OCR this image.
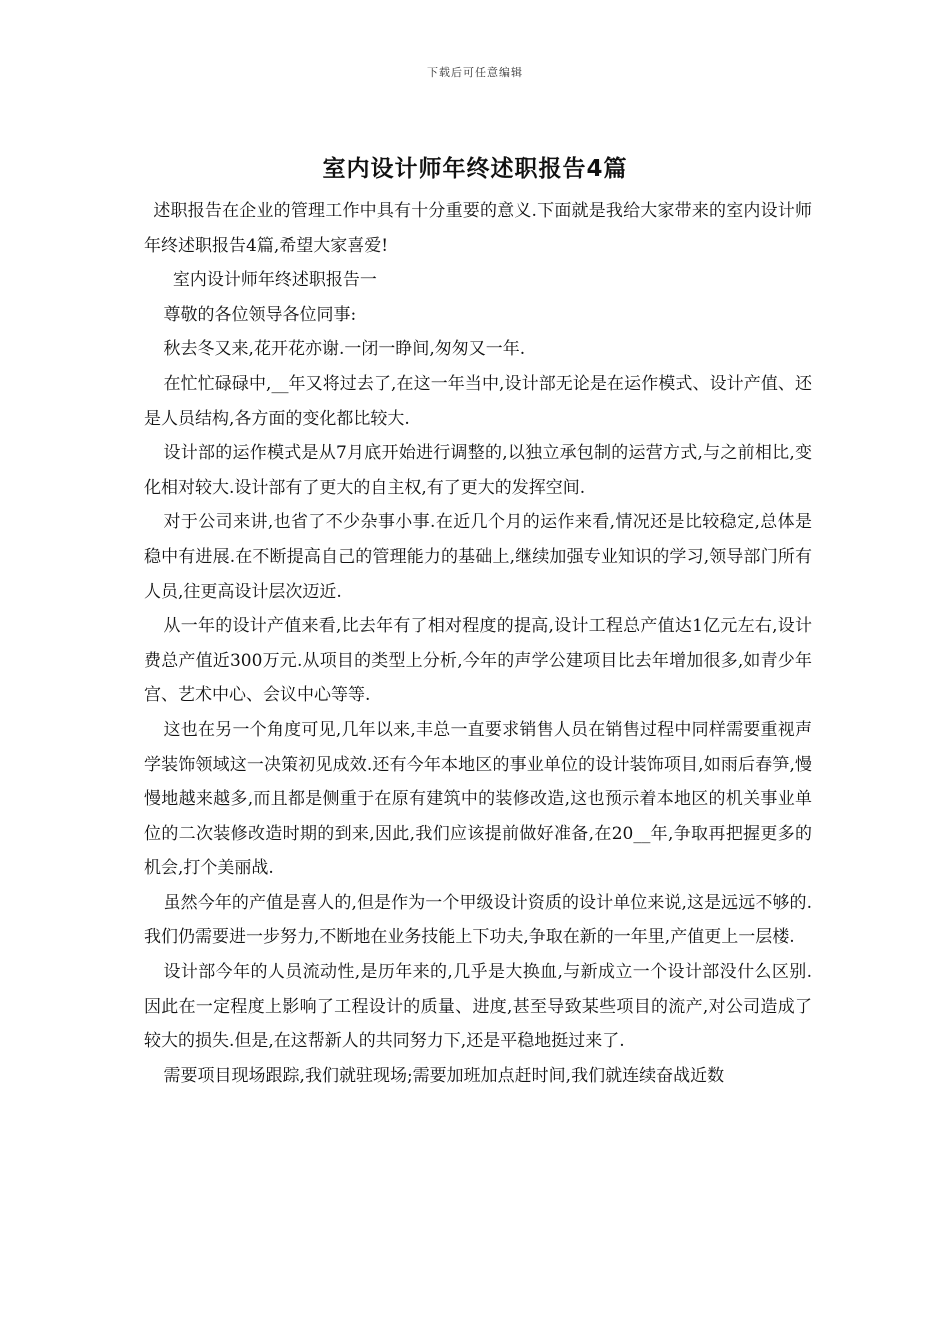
下载后可任意编辑
室内设计师年终述职报告4篇

述职报告在企业的管理工作中具有十分重要的意义.下面就是我给大家带来的室内设计师年终述职报告4篇,希望大家喜爱!

室内设计师年终述职报告一

尊敬的各位领导各位同事:

秋去冬又来,花开花亦谢.一闭一睁间,匆匆又一年.

在忙忙碌碌中,__年又将过去了,在这一年当中,设计部无论是在运作模式、设计产值、还是人员结构,各方面的变化都比较大.

设计部的运作模式是从7月底开始进行调整的,以独立承包制的运营方式,与之前相比,变化相对较大.设计部有了更大的自主权,有了更大的发挥空间.

对于公司来讲,也省了不少杂事小事.在近几个月的运作来看,情况还是比较稳定,总体是稳中有进展.在不断提高自己的管理能力的基础上,继续加强专业知识的学习,领导部门所有人员,往更高设计层次迈近.

从一年的设计产值来看,比去年有了相对程度的提高,设计工程总产值达1亿元左右,设计费总产值近300万元.从项目的类型上分析,今年的声学公建项目比去年增加很多,如青少年宫、艺术中心、会议中心等等.

这也在另一个角度可见,几年以来,丰总一直要求销售人员在销售过程中同样需要重视声学装饰领域这一决策初见成效.还有今年本地区的事业单位的设计装饰项目,如雨后春笋,慢慢地越来越多,而且都是侧重于在原有建筑中的装修改造,这也预示着本地区的机关事业单位的二次装修改造时期的到来,因此,我们应该提前做好准备,在20__年,争取再把握更多的机会,打个美丽战.

虽然今年的产值是喜人的,但是作为一个甲级设计资质的设计单位来说,这是远远不够的.我们仍需要进一步努力,不断地在业务技能上下功夫,争取在新的一年里,产值更上一层楼.

设计部今年的人员流动性,是历年来的,几乎是大换血,与新成立一个设计部没什么区别.因此在一定程度上影响了工程设计的质量、进度,甚至导致某些项目的流产,对公司造成了较大的损失.但是,在这帮新人的共同努力下,还是平稳地挺过来了.

需要项目现场跟踪,我们就驻现场;需要加班加点赶时间,我们就连续奋战近数
